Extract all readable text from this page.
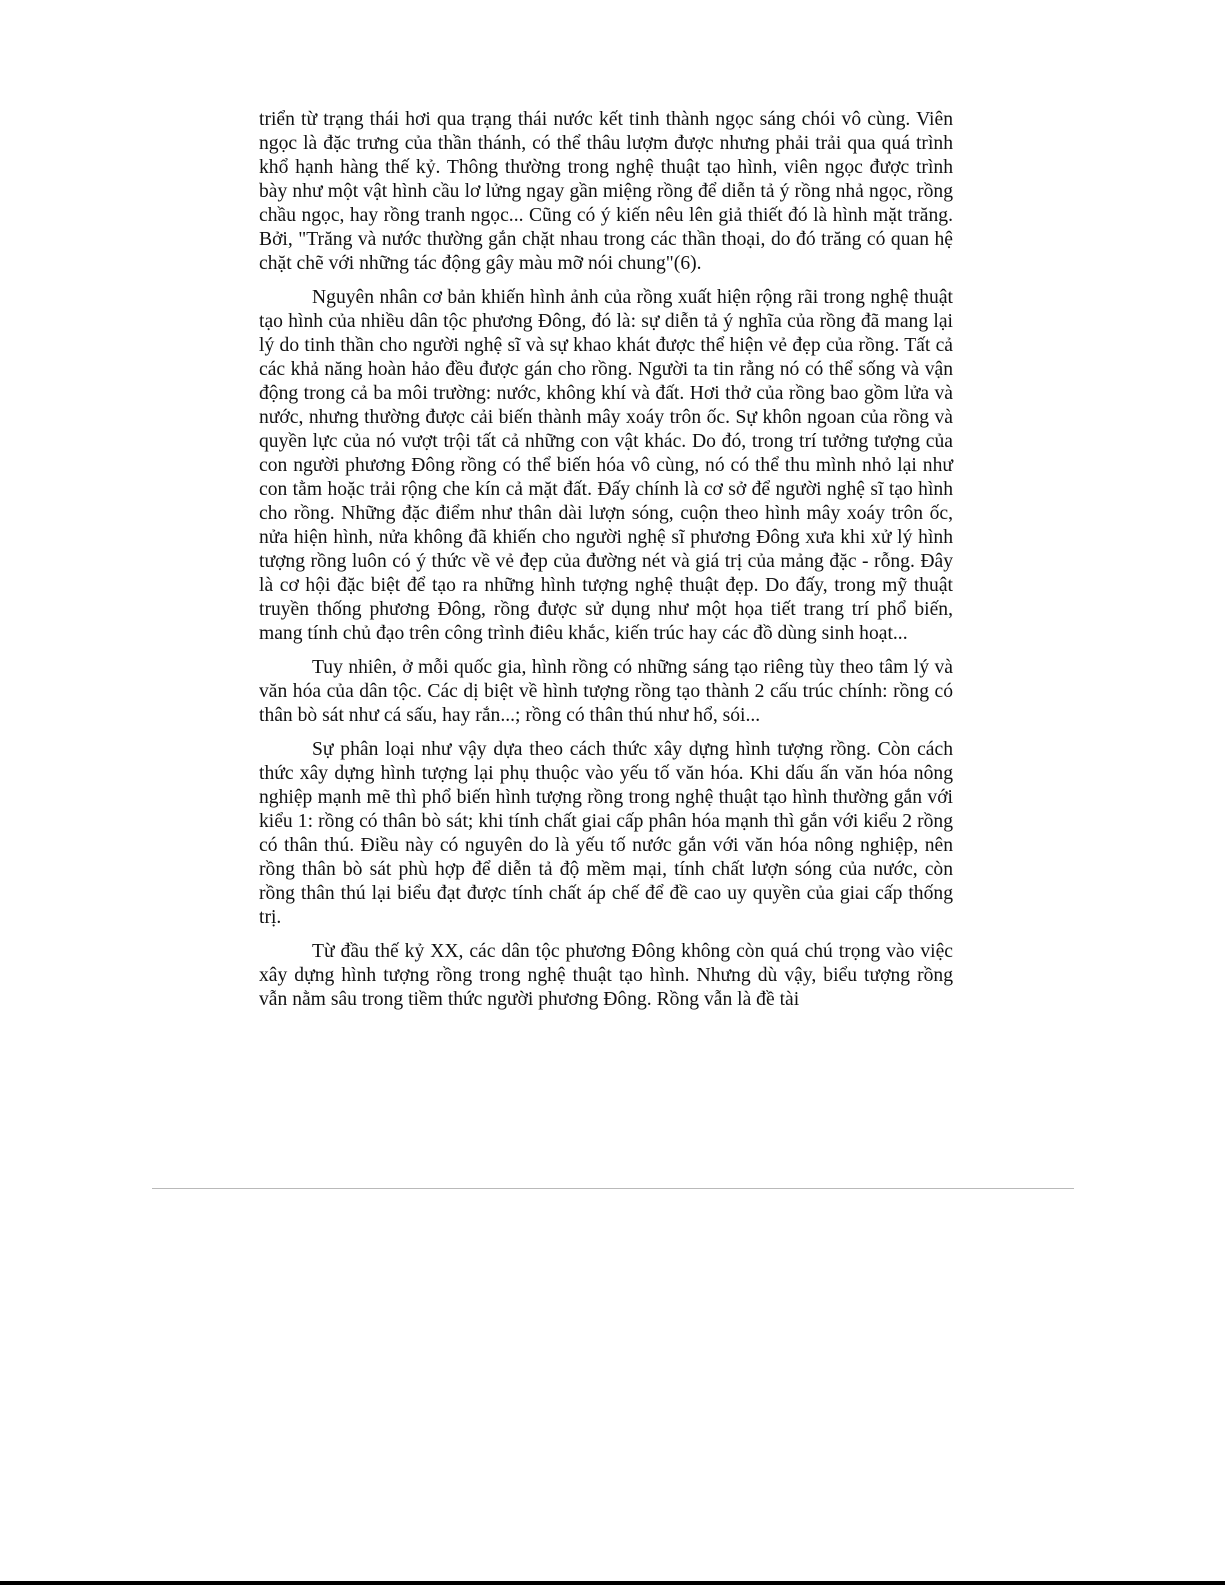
triển từ trạng thái hơi qua trạng thái nước kết tinh thành ngọc sáng chói vô cùng. Viên ngọc là đặc trưng của thần thánh, có thể thâu lượm được nhưng phải trải qua quá trình khổ hạnh hàng thế kỷ. Thông thường trong nghệ thuật tạo hình, viên ngọc được trình bày như một vật hình cầu lơ lửng ngay gần miệng rồng để diễn tả ý rồng nhả ngọc, rồng chầu ngọc, hay rồng tranh ngọc... Cũng có ý kiến nêu lên giả thiết đó là hình mặt trăng. Bởi, "Trăng và nước thường gắn chặt nhau trong các thần thoại, do đó trăng có quan hệ chặt chẽ với những tác động gây màu mỡ nói chung"(6).

Nguyên nhân cơ bản khiến hình ảnh của rồng xuất hiện rộng rãi trong nghệ thuật tạo hình của nhiều dân tộc phương Đông, đó là: sự diễn tả ý nghĩa của rồng đã mang lại lý do tinh thần cho người nghệ sĩ và sự khao khát được thể hiện vẻ đẹp của rồng. Tất cả các khả năng hoàn hảo đều được gán cho rồng. Người ta tin rằng nó có thể sống và vận động trong cả ba môi trường: nước, không khí và đất. Hơi thở của rồng bao gồm lửa và nước, nhưng thường được cải biến thành mây xoáy trôn ốc. Sự khôn ngoan của rồng và quyền lực của nó vượt trội tất cả những con vật khác. Do đó, trong trí tưởng tượng của con người phương Đông rồng có thể biến hóa vô cùng, nó có thể thu mình nhỏ lại như con tằm hoặc trải rộng che kín cả mặt đất. Đấy chính là cơ sở để người nghệ sĩ tạo hình cho rồng. Những đặc điểm như thân dài lượn sóng, cuộn theo hình mây xoáy trôn ốc, nửa hiện hình, nửa không đã khiến cho người nghệ sĩ phương Đông xưa khi xử lý hình tượng rồng luôn có ý thức về vẻ đẹp của đường nét và giá trị của mảng đặc - rỗng. Đây là cơ hội đặc biệt để tạo ra những hình tượng nghệ thuật đẹp. Do đấy, trong mỹ thuật truyền thống phương Đông, rồng được sử dụng như một họa tiết trang trí phổ biến, mang tính chủ đạo trên công trình điêu khắc, kiến trúc hay các đồ dùng sinh hoạt...

Tuy nhiên, ở mỗi quốc gia, hình rồng có những sáng tạo riêng tùy theo tâm lý và văn hóa của dân tộc. Các dị biệt về hình tượng rồng tạo thành 2 cấu trúc chính: rồng có thân bò sát như cá sấu, hay rắn...; rồng có thân thú như hổ, sói...

Sự phân loại như vậy dựa theo cách thức xây dựng hình tượng rồng. Còn cách thức xây dựng hình tượng lại phụ thuộc vào yếu tố văn hóa. Khi dấu ấn văn hóa nông nghiệp mạnh mẽ thì phổ biến hình tượng rồng trong nghệ thuật tạo hình thường gắn với kiểu 1: rồng có thân bò sát; khi tính chất giai cấp phân hóa mạnh thì gắn với kiểu 2 rồng có thân thú. Điều này có nguyên do là yếu tố nước gắn với văn hóa nông nghiệp, nên rồng thân bò sát phù hợp để diễn tả độ mềm mại, tính chất lượn sóng của nước, còn rồng thân thú lại biểu đạt được tính chất áp chế để đề cao uy quyền của giai cấp thống trị.

Từ đầu thế kỷ XX, các dân tộc phương Đông không còn quá chú trọng vào việc xây dựng hình tượng rồng trong nghệ thuật tạo hình. Nhưng dù vậy, biểu tượng rồng vẫn nằm sâu trong tiềm thức người phương Đông. Rồng vẫn là đề tài
